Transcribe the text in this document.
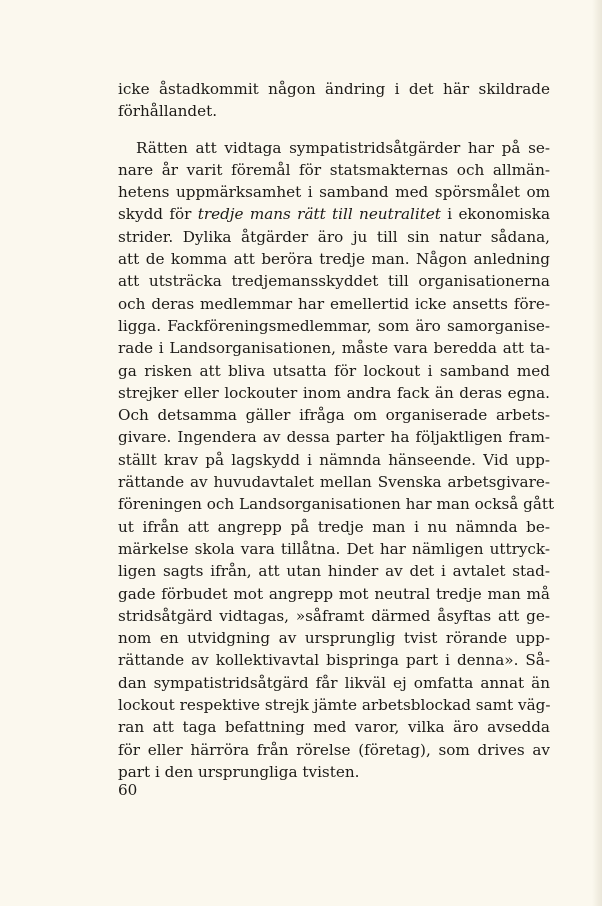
icke åstadkommit någon ändring i det här skildrade
förhållandet.
Rätten att vidtaga sympatistridsåtgärder har på se-
nare år varit föremål för statsmakternas och allmän-
hetens uppmärksamhet i samband med spörsmålet om
skydd för tredje mans rätt till neutralitet i ekonomiska
strider. Dylika åtgärder äro ju till sin natur sådana,
att de komma att beröra tredje man. Någon anledning
att utsträcka tredjemansskyddet till organisationerna
och deras medlemmar har emellertid icke ansetts före-
ligga. Fackföreningsmedlemmar, som äro samorganise-
rade i Landsorganisationen, måste vara beredda att ta-
ga risken att bliva utsatta för lockout i samband med
strejker eller lockouter inom andra fack än deras egna.
Och detsamma gäller ifråga om organiserade arbets-
givare. Ingendera av dessa parter ha följaktligen fram-
ställt krav på lagskydd i nämnda hänseende. Vid upp-
rättande av huvudavtalet mellan Svenska arbetsgivare-
föreningen och Landsorganisationen har man också gått
ut ifrån att angrepp på tredje man i nu nämnda be-
märkelse skola vara tillåtna. Det har nämligen uttryck-
ligen sagts ifrån, att utan hinder av det i avtalet stad-
gade förbudet mot angrepp mot neutral tredje man må
stridsåtgärd vidtagas, »såframt därmed åsyftas att ge-
nom en utvidgning av ursprunglig tvist rörande upp-
rättande av kollektivavtal bispringa part i denna». Så-
dan sympatistridsåtgärd får likväl ej omfatta annat än
lockout respektive strejk jämte arbetsblockad samt väg-
ran att taga befattning med varor, vilka äro avsedda
för eller härröra från rörelse (företag), som drives av
part i den ursprungliga tvisten.
60
